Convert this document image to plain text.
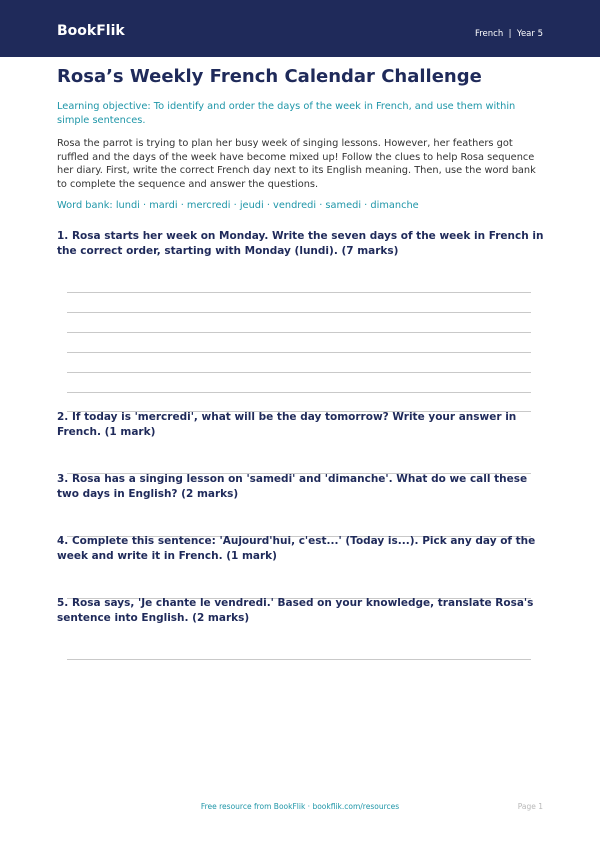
BookFlik	French  |  Year 5
Rosa’s Weekly French Calendar Challenge
Learning objective: To identify and order the days of the week in French, and use them within simple sentences.
Rosa the parrot is trying to plan her busy week of singing lessons. However, her feathers got ruffled and the days of the week have become mixed up! Follow the clues to help Rosa sequence her diary. First, write the correct French day next to its English meaning. Then, use the word bank to complete the sequence and answer the questions.
Word bank: lundi · mardi · mercredi · jeudi · vendredi · samedi · dimanche
1. Rosa starts her week on Monday. Write the seven days of the week in French in the correct order, starting with Monday (lundi). (7 marks)
2. If today is 'mercredi', what will be the day tomorrow? Write your answer in French. (1 mark)
3. Rosa has a singing lesson on 'samedi' and 'dimanche'. What do we call these two days in English? (2 marks)
4. Complete this sentence: 'Aujourd'hui, c'est...' (Today is...). Pick any day of the week and write it in French. (1 mark)
5. Rosa says, 'Je chante le vendredi.' Based on your knowledge, translate Rosa's sentence into English. (2 marks)
Free resource from BookFlik · bookflik.com/resources	Page 1
